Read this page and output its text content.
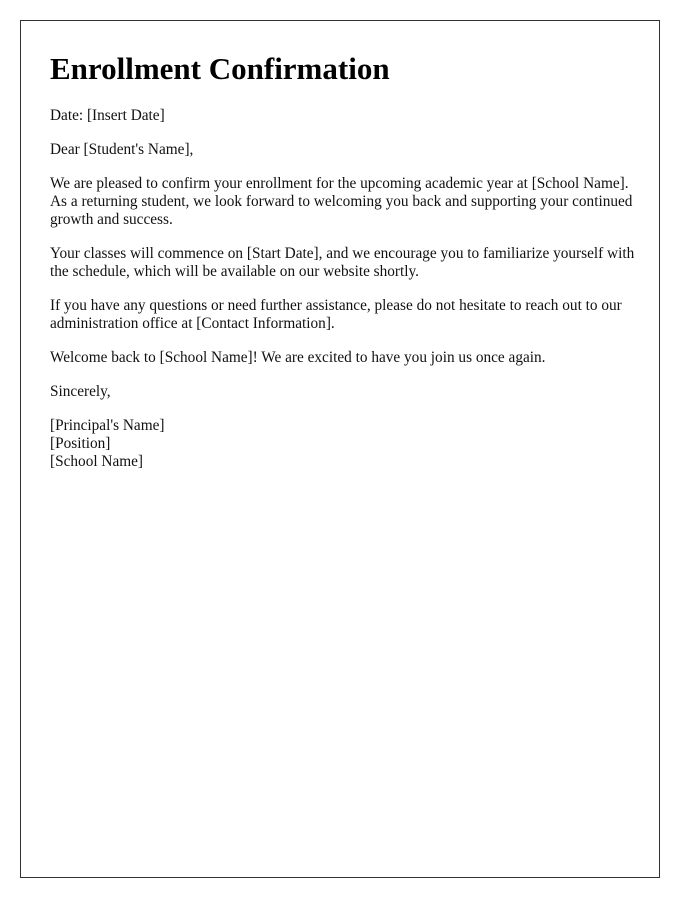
Enrollment Confirmation

Date: [Insert Date]

Dear [Student's Name],

We are pleased to confirm your enrollment for the upcoming academic year at [School Name]. As a returning student, we look forward to welcoming you back and supporting your continued growth and success.

Your classes will commence on [Start Date], and we encourage you to familiarize yourself with the schedule, which will be available on our website shortly.

If you have any questions or need further assistance, please do not hesitate to reach out to our administration office at [Contact Information].

Welcome back to [School Name]! We are excited to have you join us once again.

Sincerely,

[Principal's Name]
[Position]
[School Name]
